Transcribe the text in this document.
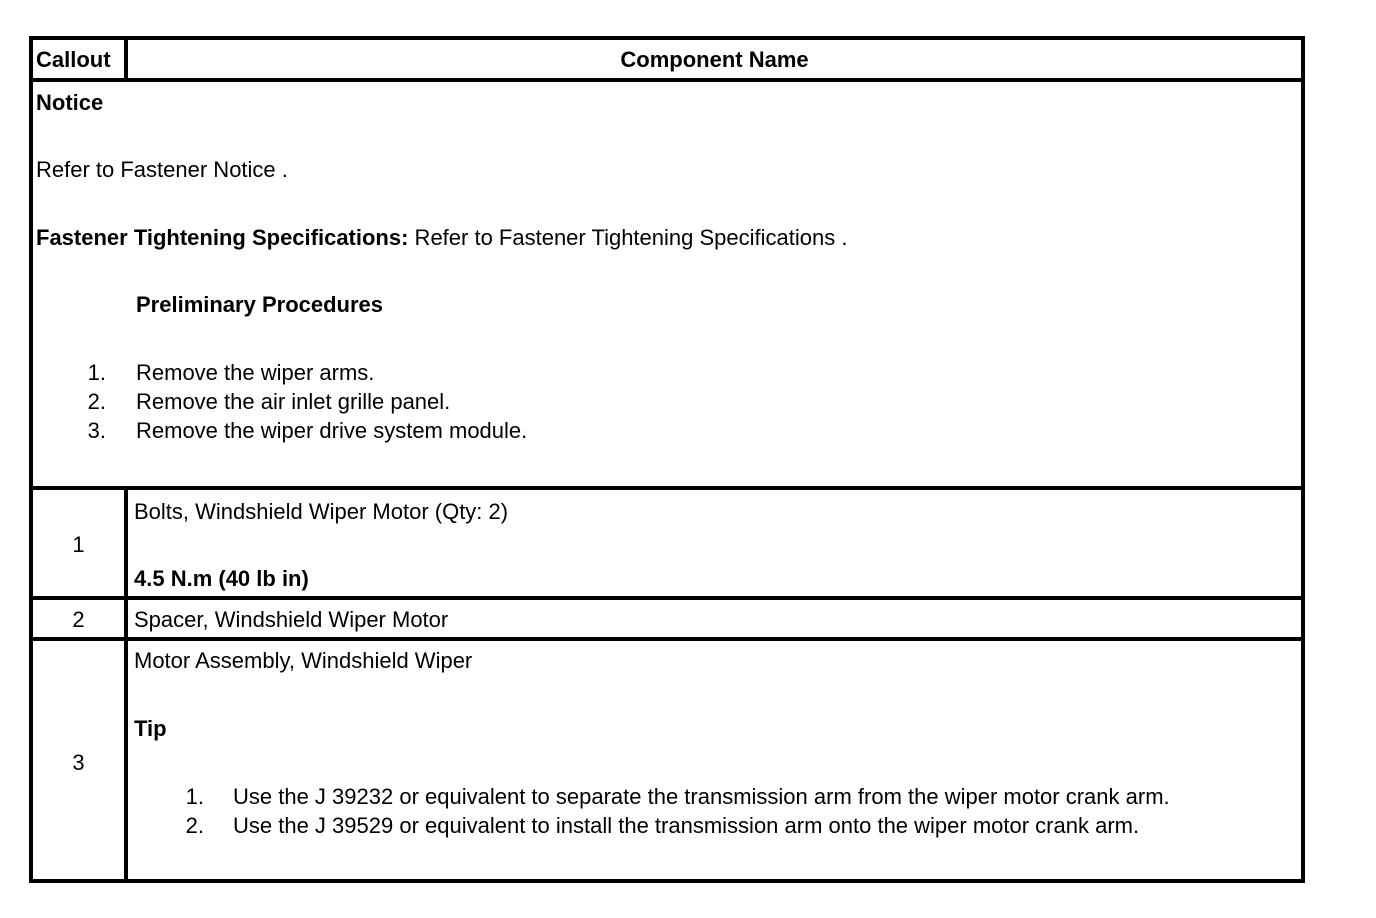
Callout	Component Name
Notice
Refer to Fastener Notice .
Fastener Tightening Specifications: Refer to Fastener Tightening Specifications .
Preliminary Procedures
1. Remove the wiper arms.
2. Remove the air inlet grille panel.
3. Remove the wiper drive system module.
1
Bolts, Windshield Wiper Motor (Qty: 2)
4.5 N.m (40 lb in)
2	Spacer, Windshield Wiper Motor
3
Motor Assembly, Windshield Wiper
Tip
1. Use the J 39232 or equivalent to separate the transmission arm from the wiper motor crank arm.
2. Use the J 39529 or equivalent to install the transmission arm onto the wiper motor crank arm.
